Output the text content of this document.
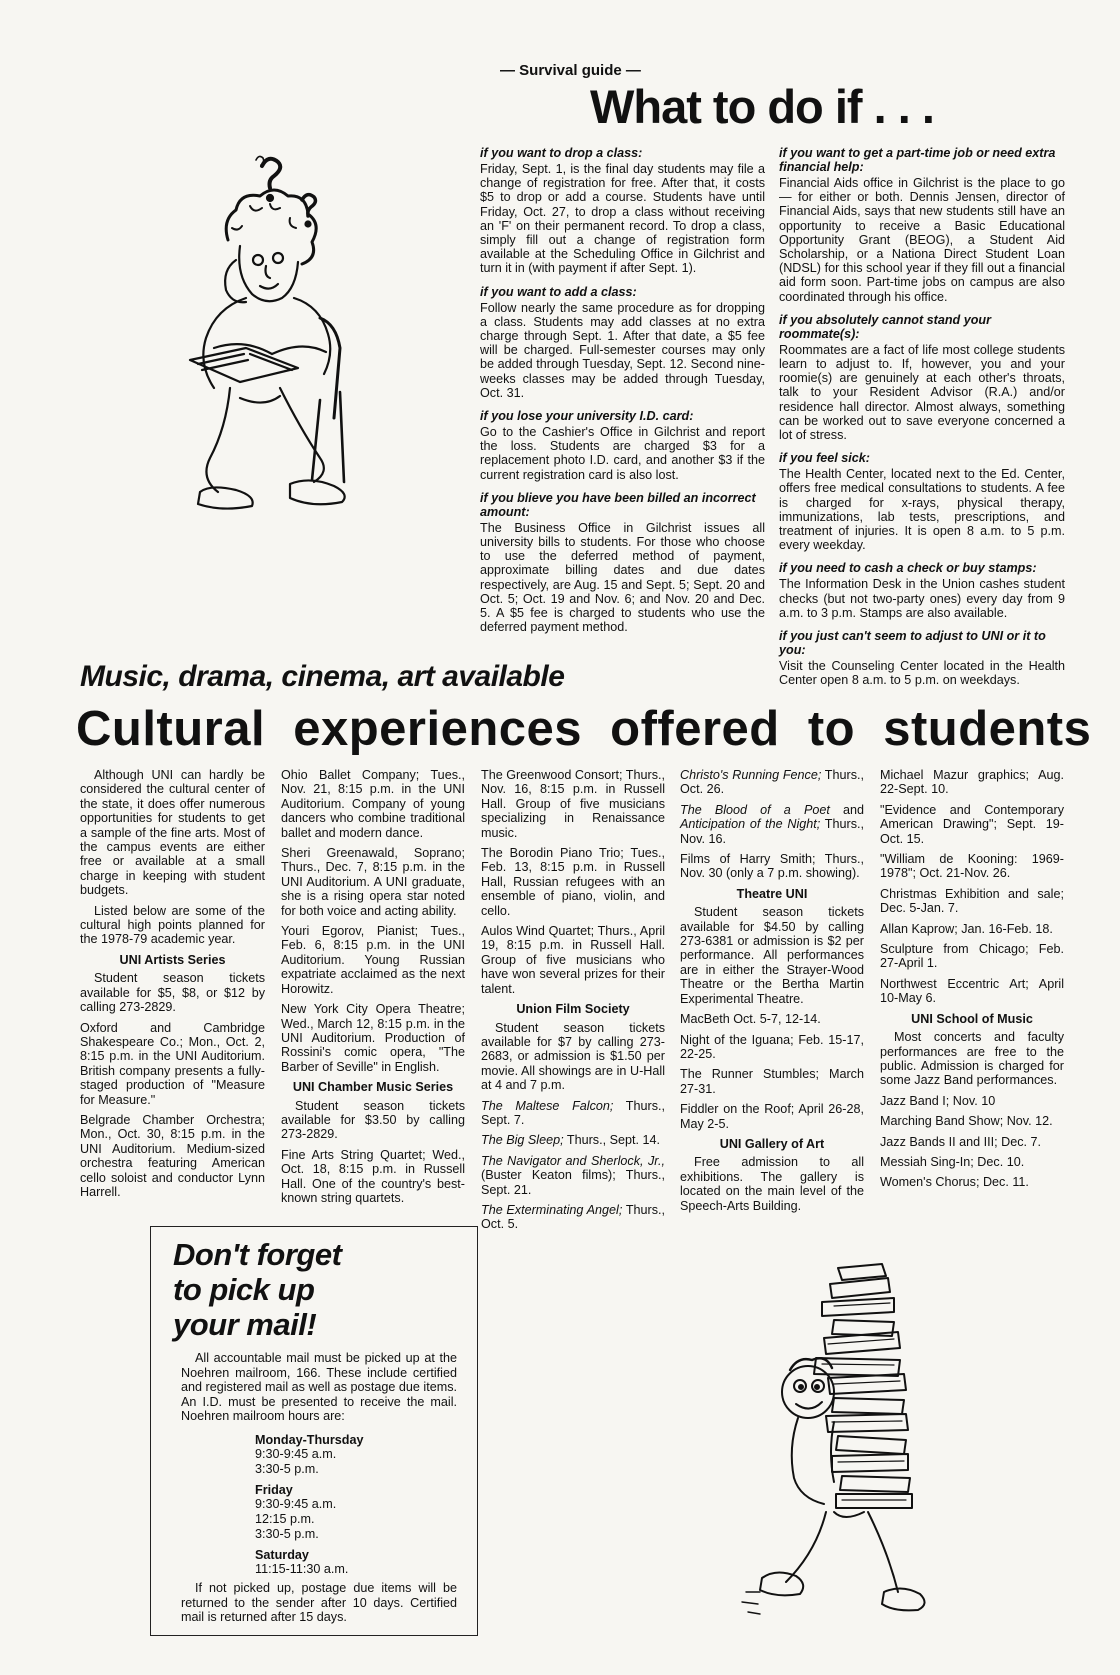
— Survival guide —
What to do if . . .

if you want to drop a class:

Friday, Sept. 1, is the final day students may file a change of registration for free. After that, it costs $5 to drop or add a course. Students have until Friday, Oct. 27, to drop a class without receiving an 'F' on their permanent record. To drop a class, simply fill out a change of registration form available at the Scheduling Office in Gilchrist and turn it in (with payment if after Sept. 1).

if you want to add a class:

Follow nearly the same procedure as for dropping a class. Students may add classes at no extra charge through Sept. 1. After that date, a $5 fee will be charged. Full-semester courses may only be added through Tuesday, Sept. 12. Second nine-weeks classes may be added through Tuesday, Oct. 31.

if you lose your university I.D. card:

Go to the Cashier's Office in Gilchrist and report the loss. Students are charged $3 for a replacement photo I.D. card, and another $3 if the current registration card is also lost.

if you blieve you have been billed an incorrect amount:

The Business Office in Gilchrist issues all university bills to students. For those who choose to use the deferred method of payment, approximate billing dates and due dates respectively, are Aug. 15 and Sept. 5; Sept. 20 and Oct. 5; Oct. 19 and Nov. 6; and Nov. 20 and Dec. 5. A $5 fee is charged to students who use the deferred payment method.

if you want to get a part-time job or need extra financial help:

Financial Aids office in Gilchrist is the place to go — for either or both. Dennis Jensen, director of Financial Aids, says that new students still have an opportunity to receive a Basic Educational Opportunity Grant (BEOG), a Student Aid Scholarship, or a Nationa Direct Student Loan (NDSL) for this school year if they fill out a financial aid form soon. Part-time jobs on campus are also coordinated through his office.

if you absolutely cannot stand your roommate(s):

Roommates are a fact of life most college students learn to adjust to. If, however, you and your roomie(s) are genuinely at each other's throats, talk to your Resident Advisor (R.A.) and/or residence hall director. Almost always, something can be worked out to save everyone concerned a lot of stress.

if you feel sick:

The Health Center, located next to the Ed. Center, offers free medical consultations to students. A fee is charged for x-rays, physical therapy, immunizations, lab tests, prescriptions, and treatment of injuries. It is open 8 a.m. to 5 p.m. every weekday.

if you need to cash a check or buy stamps:

The Information Desk in the Union cashes student checks (but not two-party ones) every day from 9 a.m. to 3 p.m. Stamps are also available.

if you just can't seem to adjust to UNI or it to you:

Visit the Counseling Center located in the Health Center open 8 a.m. to 5 p.m. on weekdays.

Music, drama, cinema, art available
Cultural experiences offered to students

Although UNI can hardly be considered the cultural center of the state, it does offer numerous opportunities for students to get a sample of the fine arts. Most of the campus events are either free or available at a small charge in keeping with student budgets.

Listed below are some of the cultural high points planned for the 1978-79 academic year.

UNI Artists Series

Student season tickets available for $5, $8, or $12 by calling 273-2829.

Oxford and Cambridge Shakespeare Co.; Mon., Oct. 2, 8:15 p.m. in the UNI Auditorium. British company presents a fully-staged production of "Measure for Measure."

Belgrade Chamber Orchestra; Mon., Oct. 30, 8:15 p.m. in the UNI Auditorium. Medium-sized orchestra featuring American cello soloist and conductor Lynn Harrell.

Ohio Ballet Company; Tues., Nov. 21, 8:15 p.m. in the UNI Auditorium. Company of young dancers who combine traditional ballet and modern dance.

Sheri Greenawald, Soprano; Thurs., Dec. 7, 8:15 p.m. in the UNI Auditorium. A UNI graduate, she is a rising opera star noted for both voice and acting ability.

Youri Egorov, Pianist; Tues., Feb. 6, 8:15 p.m. in the UNI Auditorium. Young Russian expatriate acclaimed as the next Horowitz.

New York City Opera Theatre; Wed., March 12, 8:15 p.m. in the UNI Auditorium. Production of Rossini's comic opera, "The Barber of Seville" in English.

UNI Chamber Music Series

Student season tickets available for $3.50 by calling 273-2829.

Fine Arts String Quartet; Wed., Oct. 18, 8:15 p.m. in Russell Hall. One of the country's best-known string quartets.

The Greenwood Consort; Thurs., Nov. 16, 8:15 p.m. in Russell Hall. Group of five musicians specializing in Renaissance music.

The Borodin Piano Trio; Tues., Feb. 13, 8:15 p.m. in Russell Hall, Russian refugees with an ensemble of piano, violin, and cello.

Aulos Wind Quartet; Thurs., April 19, 8:15 p.m. in Russell Hall. Group of five musicians who have won several prizes for their talent.

Union Film Society

Student season tickets available for $7 by calling 273-2683, or admission is $1.50 per movie. All showings are in U-Hall at 4 and 7 p.m.

The Maltese Falcon; Thurs., Sept. 7.

The Big Sleep; Thurs., Sept. 14.

The Navigator and Sherlock, Jr., (Buster Keaton films); Thurs., Sept. 21.

The Exterminating Angel; Thurs., Oct. 5.

Christo's Running Fence; Thurs., Oct. 26.

The Blood of a Poet and Anticipation of the Night; Thurs., Nov. 16.

Films of Harry Smith; Thurs., Nov. 30 (only a 7 p.m. showing).

Theatre UNI

Student season tickets available for $4.50 by calling 273-6381 or admission is $2 per performance. All performances are in either the Strayer-Wood Theatre or the Bertha Martin Experimental Theatre.

MacBeth Oct. 5-7, 12-14.

Night of the Iguana; Feb. 15-17, 22-25.

The Runner Stumbles; March 27-31.

Fiddler on the Roof; April 26-28, May 2-5.

UNI Gallery of Art

Free admission to all exhibitions. The gallery is located on the main level of the Speech-Arts Building.

Michael Mazur graphics; Aug. 22-Sept. 10.

"Evidence and Contemporary American Drawing"; Sept. 19-Oct. 15.

"William de Kooning: 1969-1978"; Oct. 21-Nov. 26.

Christmas Exhibition and sale; Dec. 5-Jan. 7.

Allan Kaprow; Jan. 16-Feb. 18.

Sculpture from Chicago; Feb. 27-April 1.

Northwest Eccentric Art; April 10-May 6.

UNI School of Music

Most concerts and faculty performances are free to the public. Admission is charged for some Jazz Band performances.

Jazz Band I; Nov. 10

Marching Band Show; Nov. 12.

Jazz Bands II and III; Dec. 7.

Messiah Sing-In; Dec. 10.

Women's Chorus; Dec. 11.

Don't forget
to pick up
your mail!

All accountable mail must be picked up at the Noehren mailroom, 166. These include certified and registered mail as well as postage due items. An I.D. must be presented to receive the mail. Noehren mailroom hours are:

Monday-Thursday
9:30-9:45 a.m.
3:30-5 p.m.
Friday
9:30-9:45 a.m.
12:15 p.m.
3:30-5 p.m.
Saturday
11:15-11:30 a.m.

If not picked up, postage due items will be returned to the sender after 10 days. Certified mail is returned after 15 days.
